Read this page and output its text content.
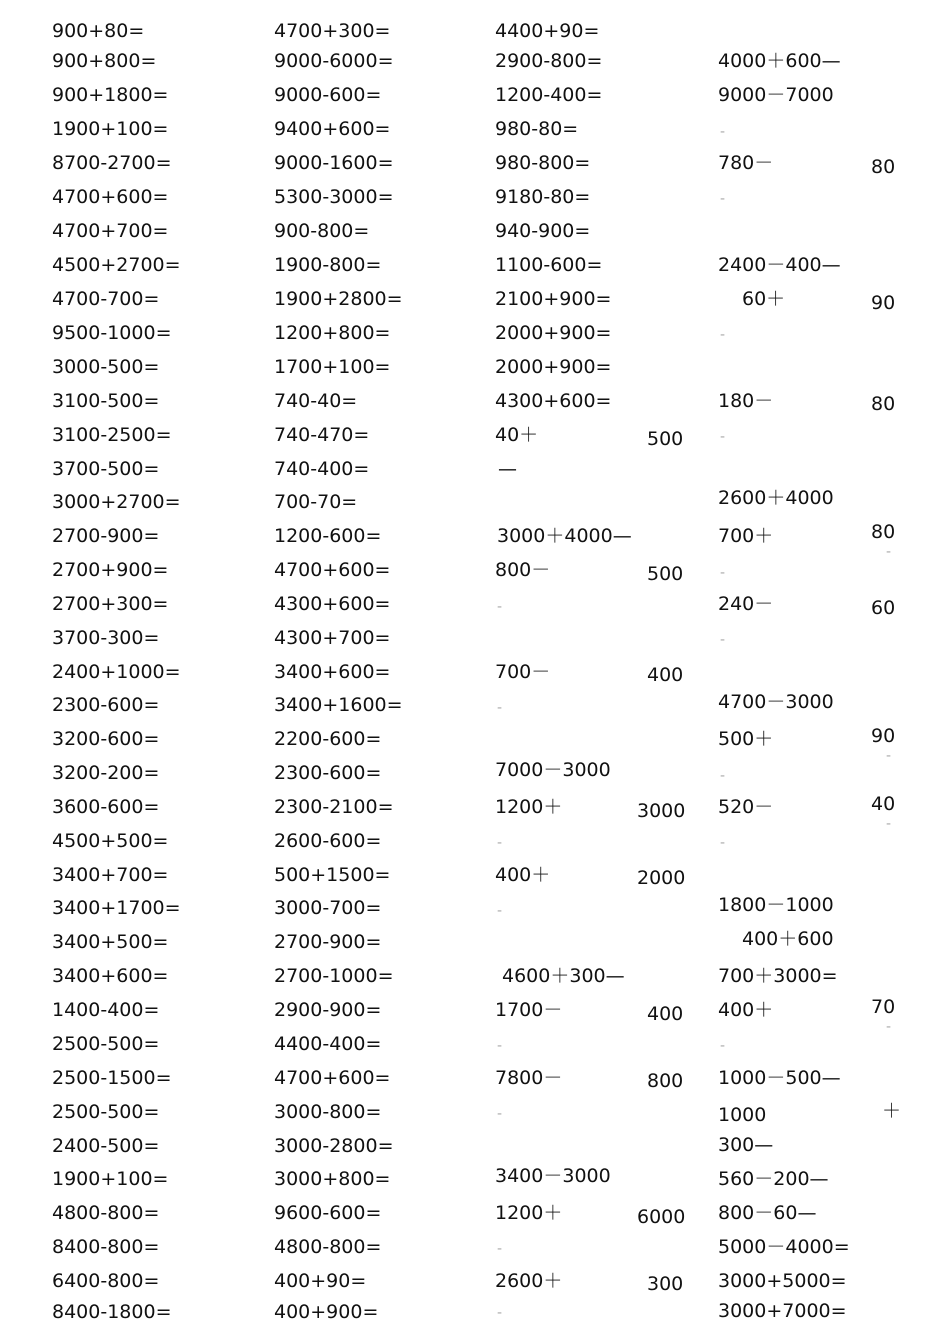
900+80=
900+800=
900+1800=
1900+100=
8700-2700=
4700+600=
4700+700=
4500+2700=
4700-700=
9500-1000=
3000-500=
3100-500=
3100-2500=
3700-500=
3000+2700=
2700-900=
2700+900=
2700+300=
3700-300=
2400+1000=
2300-600=
3200-600=
3200-200=
3600-600=
4500+500=
3400+700=
3400+1700=
3400+500=
3400+600=
1400-400=
2500-500=
2500-1500=
2500-500=
2400-500=
1900+100=
4800-800=
8400-800=
6400-800=
8400-1800=
4700+300=
9000-6000=
9000-600=
9400+600=
9000-1600=
5300-3000=
900-800=
1900-800=
1900+2800=
1200+800=
1700+100=
740-40=
740-470=
740-400=
700-70=
1200-600=
4700+600=
4300+600=
4300+700=
3400+600=
3400+1600=
2200-600=
2300-600=
2300-2100=
2600-600=
500+1500=
3000-700=
2700-900=
2700-1000=
2900-900=
4400-400=
4700+600=
3000-800=
3000-2800=
3000+800=
9600-600=
4800-800=
400+90=
400+900=
4400+90=
2900-800=
1200-400=
980-80=
980-800=
9180-80=
940-900=
1100-600=
2100+900=
2000+900=
2000+900=
4300+600=
40＋
—
3000＋4000—
800－
-
700－
-
7000－3000
1200＋
-
400＋
-
4600＋300—
1700－
-
7800－
-
3400－3000
1200＋
-
2600＋
-
500
500
400
3000
2000
400
800
6000
300
4000＋600—
9000－7000
-
780－
-
2400－400—
60＋
-
180－
-
2600＋4000
700＋
-
240－
-
4700－3000
500＋
-
520－
-
1800－1000
400＋600
700＋3000=
400＋
-
1000－500—
1000
300—
560－200—
800－60—
5000－4000=
3000+5000=
3000+7000=
80
90
80
80
60
90
40
70
＋
-
-
-
-
